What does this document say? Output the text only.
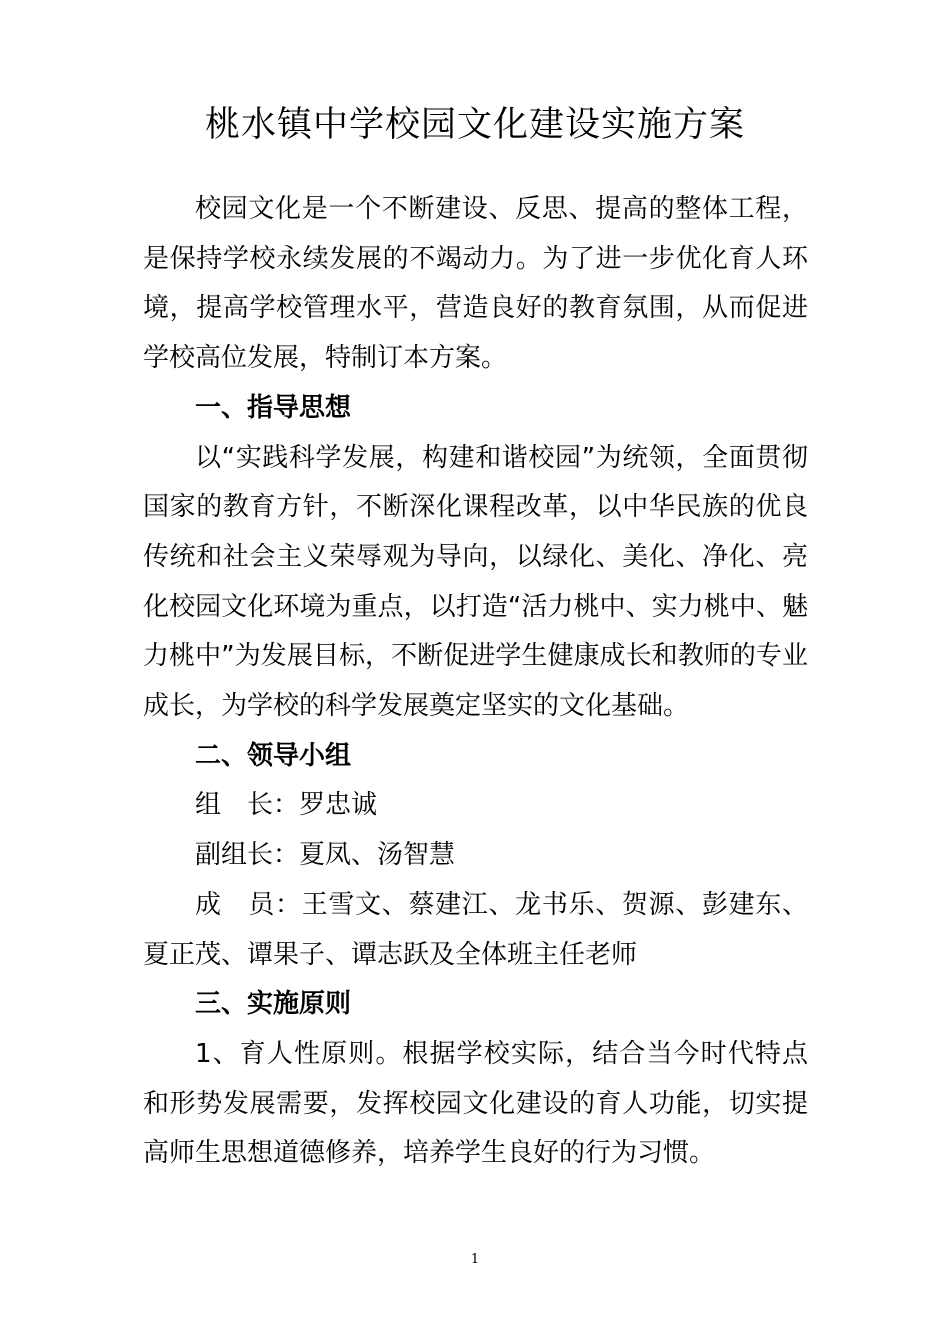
桃水镇中学校园文化建设实施方案

校园文化是一个不断建设、反思、提高的整体工程，是保持学校永续发展的不竭动力。为了进一步优化育人环境，提高学校管理水平，营造良好的教育氛围，从而促进学校高位发展，特制订本方案。

一、指导思想

以“实践科学发展，构建和谐校园”为统领，全面贯彻国家的教育方针，不断深化课程改革，以中华民族的优良传统和社会主义荣辱观为导向，以绿化、美化、净化、亮化校园文化环境为重点，以打造“活力桃中、实力桃中、魅力桃中”为发展目标，不断促进学生健康成长和教师的专业成长，为学校的科学发展奠定坚实的文化基础。

二、领导小组

组　长：罗忠诚

副组长：夏凤、汤智慧

成　员：王雪文、蔡建江、龙书乐、贺源、彭建东、夏正茂、谭果子、谭志跃及全体班主任老师

三、实施原则

1、育人性原则。根据学校实际，结合当今时代特点和形势发展需要，发挥校园文化建设的育人功能，切实提高师生思想道德修养，培养学生良好的行为习惯。

1
